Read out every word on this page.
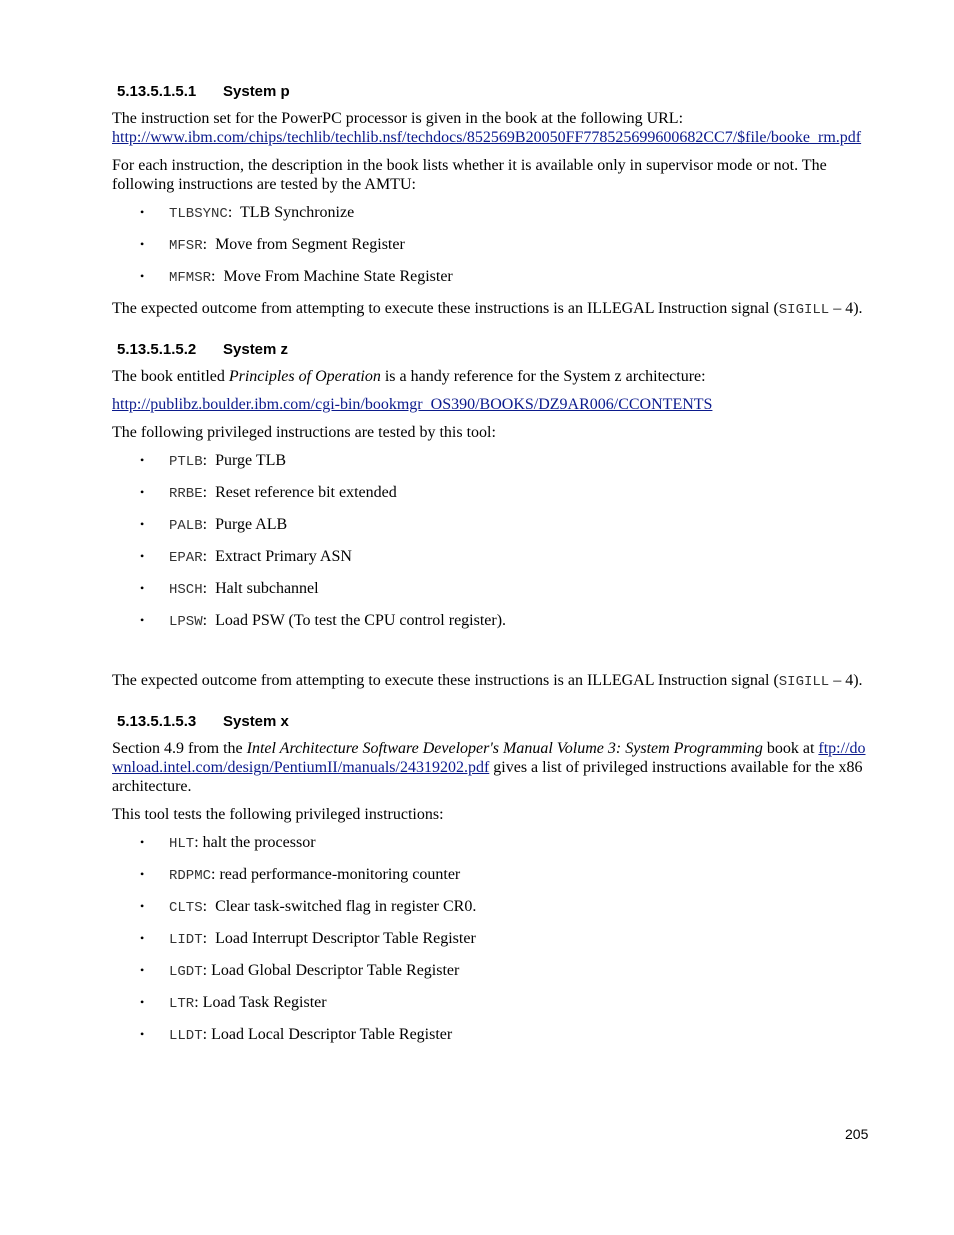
5.13.5.1.5.1 System p

The instruction set for the PowerPC processor is given in the book at the following URL:
http://www.ibm.com/chips/techlib/techlib.nsf/techdocs/852569B20050FF778525699600682CC7/$file/booke_rm.pdf

For each instruction, the description in the book lists whether it is available only in supervisor mode or not. The following instructions are tested by the AMTU:

• TLBSYNC:  TLB Synchronize
• MFSR:  Move from Segment Register
• MFMSR:  Move From Machine State Register

The expected outcome from attempting to execute these instructions is an ILLEGAL Instruction signal (SIGILL – 4).

5.13.5.1.5.2 System z

The book entitled Principles of Operation is a handy reference for the System z architecture:

http://publibz.boulder.ibm.com/cgi-bin/bookmgr_OS390/BOOKS/DZ9AR006/CCONTENTS

The following privileged instructions are tested by this tool:

• PTLB:  Purge TLB
• RRBE:  Reset reference bit extended
• PALB:  Purge ALB
• EPAR:  Extract Primary ASN
• HSCH:  Halt subchannel
• LPSW:  Load PSW (To test the CPU control register).

The expected outcome from attempting to execute these instructions is an ILLEGAL Instruction signal (SIGILL – 4).

5.13.5.1.5.3 System x

Section 4.9 from the Intel Architecture Software Developer's Manual Volume 3: System Programming book at ftp://download.intel.com/design/PentiumII/manuals/24319202.pdf gives a list of privileged instructions available for the x86 architecture.

This tool tests the following privileged instructions:

• HLT: halt the processor
• RDPMC: read performance-monitoring counter
• CLTS:  Clear task-switched flag in register CR0.
• LIDT:  Load Interrupt Descriptor Table Register
• LGDT: Load Global Descriptor Table Register
• LTR: Load Task Register
• LLDT: Load Local Descriptor Table Register
205
